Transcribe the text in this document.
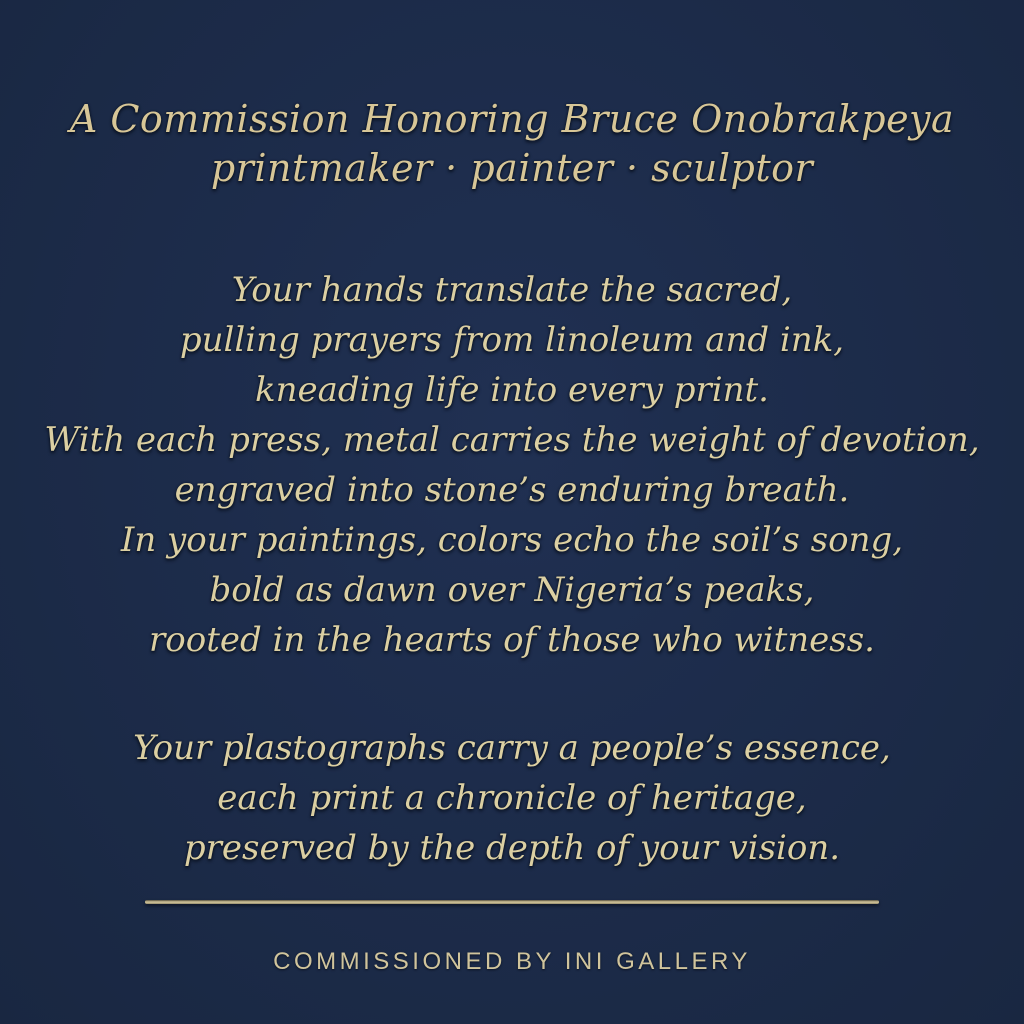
A Commission Honoring Bruce Onobrakpeya
printmaker · painter · sculptor
Your hands translate the sacred,
pulling prayers from linoleum and ink,
kneading life into every print.
With each press, metal carries the weight of devotion,
engraved into stone’s enduring breath.
In your paintings, colors echo the soil’s song,
bold as dawn over Nigeria’s peaks,
rooted in the hearts of those who witness.
Your plastographs carry a people’s essence,
each print a chronicle of heritage,
preserved by the depth of your vision.
COMMISSIONED BY INI GALLERY
